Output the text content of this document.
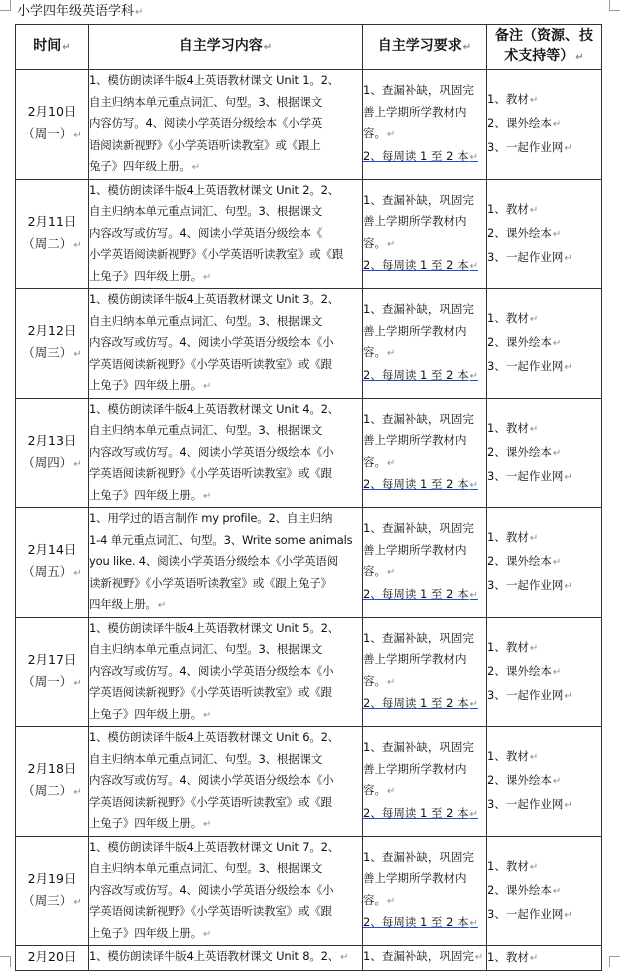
小学四年级英语学科↵
时间↵	自主学习内容↵	自主学习要求↵	备注（资源、技
术支持等）↵

2月10日
（周一）↵	1、模仿朗读译牛版4上英语教材课文 Unit 1。2、
自主归纳本单元重点词汇、句型。3、根据课文
内容仿写。4、阅读小学英语分级绘本《小学英
语阅读新视野》《小学英语听读教室》或《跟上
兔子》四年级上册。↵	1、查漏补缺，巩固完
善上学期所学教材内
容。↵
2、每周读 1 至 2 本↵	1、教材↵
2、课外绘本↵
3、一起作业网↵

2月11日
（周二）↵	1、模仿朗读译牛版4上英语教材课文 Unit 2。2、
自主归纳本单元重点词汇、句型。3、根据课文
内容改写或仿写。4、阅读小学英语分级绘本《
小学英语阅读新视野》《小学英语听读教室》或《跟
上兔子》四年级上册。↵	1、查漏补缺，巩固完
善上学期所学教材内
容。↵
2、每周读 1 至 2 本↵	1、教材↵
2、课外绘本↵
3、一起作业网↵

2月12日
（周三）↵	1、模仿朗读译牛版4上英语教材课文 Unit 3。2、
自主归纳本单元重点词汇、句型。3、根据课文
内容改写或仿写。4、阅读小学英语分级绘本《小
学英语阅读新视野》《小学英语听读教室》或《跟
上兔子》四年级上册。↵	1、查漏补缺，巩固完
善上学期所学教材内
容。↵
2、每周读 1 至 2 本↵	1、教材↵
2、课外绘本↵
3、一起作业网↵

2月13日
（周四）↵	1、模仿朗读译牛版4上英语教材课文 Unit 4。2、
自主归纳本单元重点词汇、句型。3、根据课文
内容改写或仿写。4、阅读小学英语分级绘本《小
学英语阅读新视野》《小学英语听读教室》或《跟
上兔子》四年级上册。↵	1、查漏补缺，巩固完
善上学期所学教材内
容。↵
2、每周读 1 至 2 本↵	1、教材↵
2、课外绘本↵
3、一起作业网↵

2月14日
（周五）↵	1、用学过的语言制作 my profile。2、自主归纳
1-4 单元重点词汇、句型。3、Write some animals
you like. 4、阅读小学英语分级绘本《小学英语阅
读新视野》《小学英语听读教室》或《跟上兔子》
四年级上册。↵	1、查漏补缺，巩固完
善上学期所学教材内
容。↵
2、每周读 1 至 2 本↵	1、教材↵
2、课外绘本↵
3、一起作业网↵

2月17日
（周一）↵	1、模仿朗读译牛版4上英语教材课文 Unit 5。2、
自主归纳本单元重点词汇、句型。3、根据课文
内容改写或仿写。4、阅读小学英语分级绘本《小
学英语阅读新视野》《小学英语听读教室》或《跟
上兔子》四年级上册。↵	1、查漏补缺，巩固完
善上学期所学教材内
容。↵
2、每周读 1 至 2 本↵	1、教材↵
2、课外绘本↵
3、一起作业网↵

2月18日
（周二）↵	1、模仿朗读译牛版4上英语教材课文 Unit 6。2、
自主归纳本单元重点词汇、句型。3、根据课文
内容改写或仿写。4、阅读小学英语分级绘本《小
学英语阅读新视野》《小学英语听读教室》或《跟
上兔子》四年级上册。↵	1、查漏补缺，巩固完
善上学期所学教材内
容。↵
2、每周读 1 至 2 本↵	1、教材↵
2、课外绘本↵
3、一起作业网↵

2月19日
（周三）↵	1、模仿朗读译牛版4上英语教材课文 Unit 7。2、
自主归纳本单元重点词汇、句型。3、根据课文
内容改写或仿写。4、阅读小学英语分级绘本《小
学英语阅读新视野》《小学英语听读教室》或《跟
上兔子》四年级上册。↵	1、查漏补缺，巩固完
善上学期所学教材内
容。↵
2、每周读 1 至 2 本↵	1、教材↵
2、课外绘本↵
3、一起作业网↵

2月20日	1、模仿朗读译牛版4上英语教材课文 Unit 8。2、↵	1、查漏补缺，巩固完↵	1、教材↵
